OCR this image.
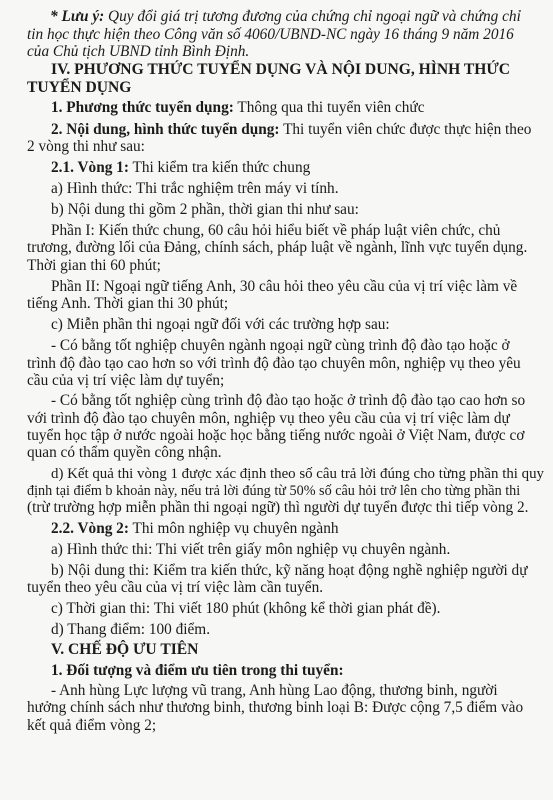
* Lưu ý: Quy đổi giá trị tương đương của chứng chỉ ngoại ngữ và chứng chỉ
tin học thực hiện theo Công văn số 4060/UBND-NC ngày 16 tháng 9 năm 2016
của Chủ tịch UBND tỉnh Bình Định.
IV. PHƯƠNG THỨC TUYỂN DỤNG VÀ NỘI DUNG, HÌNH THỨC
TUYỂN DỤNG
1. Phương thức tuyển dụng: Thông qua thi tuyển viên chức
2. Nội dung, hình thức tuyển dụng: Thi tuyển viên chức được thực hiện theo
2 vòng thi như sau:
2.1. Vòng 1: Thi kiểm tra kiến thức chung
a) Hình thức: Thi trắc nghiệm trên máy vi tính.
b) Nội dung thi gồm 2 phần, thời gian thi như sau:
Phần I: Kiến thức chung, 60 câu hỏi hiểu biết về pháp luật viên chức, chủ
trương, đường lối của Đảng, chính sách, pháp luật về ngành, lĩnh vực tuyển dụng.
Thời gian thi 60 phút;
Phần II: Ngoại ngữ tiếng Anh, 30 câu hỏi theo yêu cầu của vị trí việc làm về
tiếng Anh. Thời gian thi 30 phút;
c) Miễn phần thi ngoại ngữ đối với các trường hợp sau:
- Có bằng tốt nghiệp chuyên ngành ngoại ngữ cùng trình độ đào tạo hoặc ở
trình độ đào tạo cao hơn so với trình độ đào tạo chuyên môn, nghiệp vụ theo yêu
cầu của vị trí việc làm dự tuyển;
- Có bằng tốt nghiệp cùng trình độ đào tạo hoặc ở trình độ đào tạo cao hơn so
với trình độ đào tạo chuyên môn, nghiệp vụ theo yêu cầu của vị trí việc làm dự
tuyển học tập ở nước ngoài hoặc học bằng tiếng nước ngoài ở Việt Nam, được cơ
quan có thẩm quyền công nhận.
d) Kết quả thi vòng 1 được xác định theo số câu trả lời đúng cho từng phần thi quy
định tại điểm b khoản này, nếu trả lời đúng từ 50% số câu hỏi trở lên cho từng phần thi
(trừ trường hợp miễn phần thi ngoại ngữ) thì người dự tuyển được thi tiếp vòng 2.
2.2. Vòng 2: Thi môn nghiệp vụ chuyên ngành
a) Hình thức thi: Thi viết trên giấy môn nghiệp vụ chuyên ngành.
b) Nội dung thi: Kiểm tra kiến thức, kỹ năng hoạt động nghề nghiệp người dự
tuyển theo yêu cầu của vị trí việc làm cần tuyển.
c) Thời gian thi: Thi viết 180 phút (không kể thời gian phát đề).
d) Thang điểm: 100 điểm.
V. CHẾ ĐỘ ƯU TIÊN
1. Đối tượng và điểm ưu tiên trong thi tuyển:
- Anh hùng Lực lượng vũ trang, Anh hùng Lao động, thương binh, người
hưởng chính sách như thương binh, thương binh loại B: Được cộng 7,5 điểm vào
kết quả điểm vòng 2;
